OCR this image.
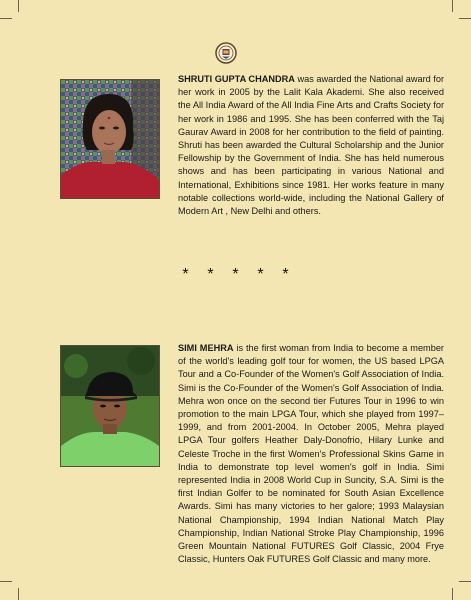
SHRUTI GUPTA CHANDRA was awarded the National award for her work in 2005 by the Lalit Kala Akademi. She also received the All India Award of the All India Fine Arts and Crafts Society for her work in 1986 and 1995. She has been conferred with the Taj Gaurav Award in 2008 for her contribution to the field of painting. Shruti has been awarded the Cultural Scholarship and the Junior Fellowship by the Government of India. She has held numerous shows and has been participating in various National and International, Exhibitions since 1981. Her works feature in many notable collections world-wide, including the National Gallery of Modern Art , New Delhi and others.

* * * * *

SIMI MEHRA is the first woman from India to become a member of the world's leading golf tour for women, the US based LPGA Tour and a Co-Founder of the Women's Golf Association of India. Simi is the Co-Founder of the Women's Golf Association of India. Mehra won once on the second tier Futures Tour in 1996 to win promotion to the main LPGA Tour, which she played from 1997–1999, and from 2001-2004. In October 2005, Mehra played LPGA Tour golfers Heather Daly-Donofrio, Hilary Lunke and Celeste Troche in the first Women's Professional Skins Game in India to demonstrate top level women's golf in India. Simi represented India in 2008 World Cup in Suncity, S.A. Simi is the first Indian Golfer to be nominated for South Asian Excellence Awards. Simi has many victories to her galore; 1993 Malaysian National Championship, 1994 Indian National Match Play Championship, Indian National Stroke Play Championship, 1996 Green Mountain National FUTURES Golf Classic, 2004 Frye Classic, Hunters Oak FUTURES Golf Classic and many more.
